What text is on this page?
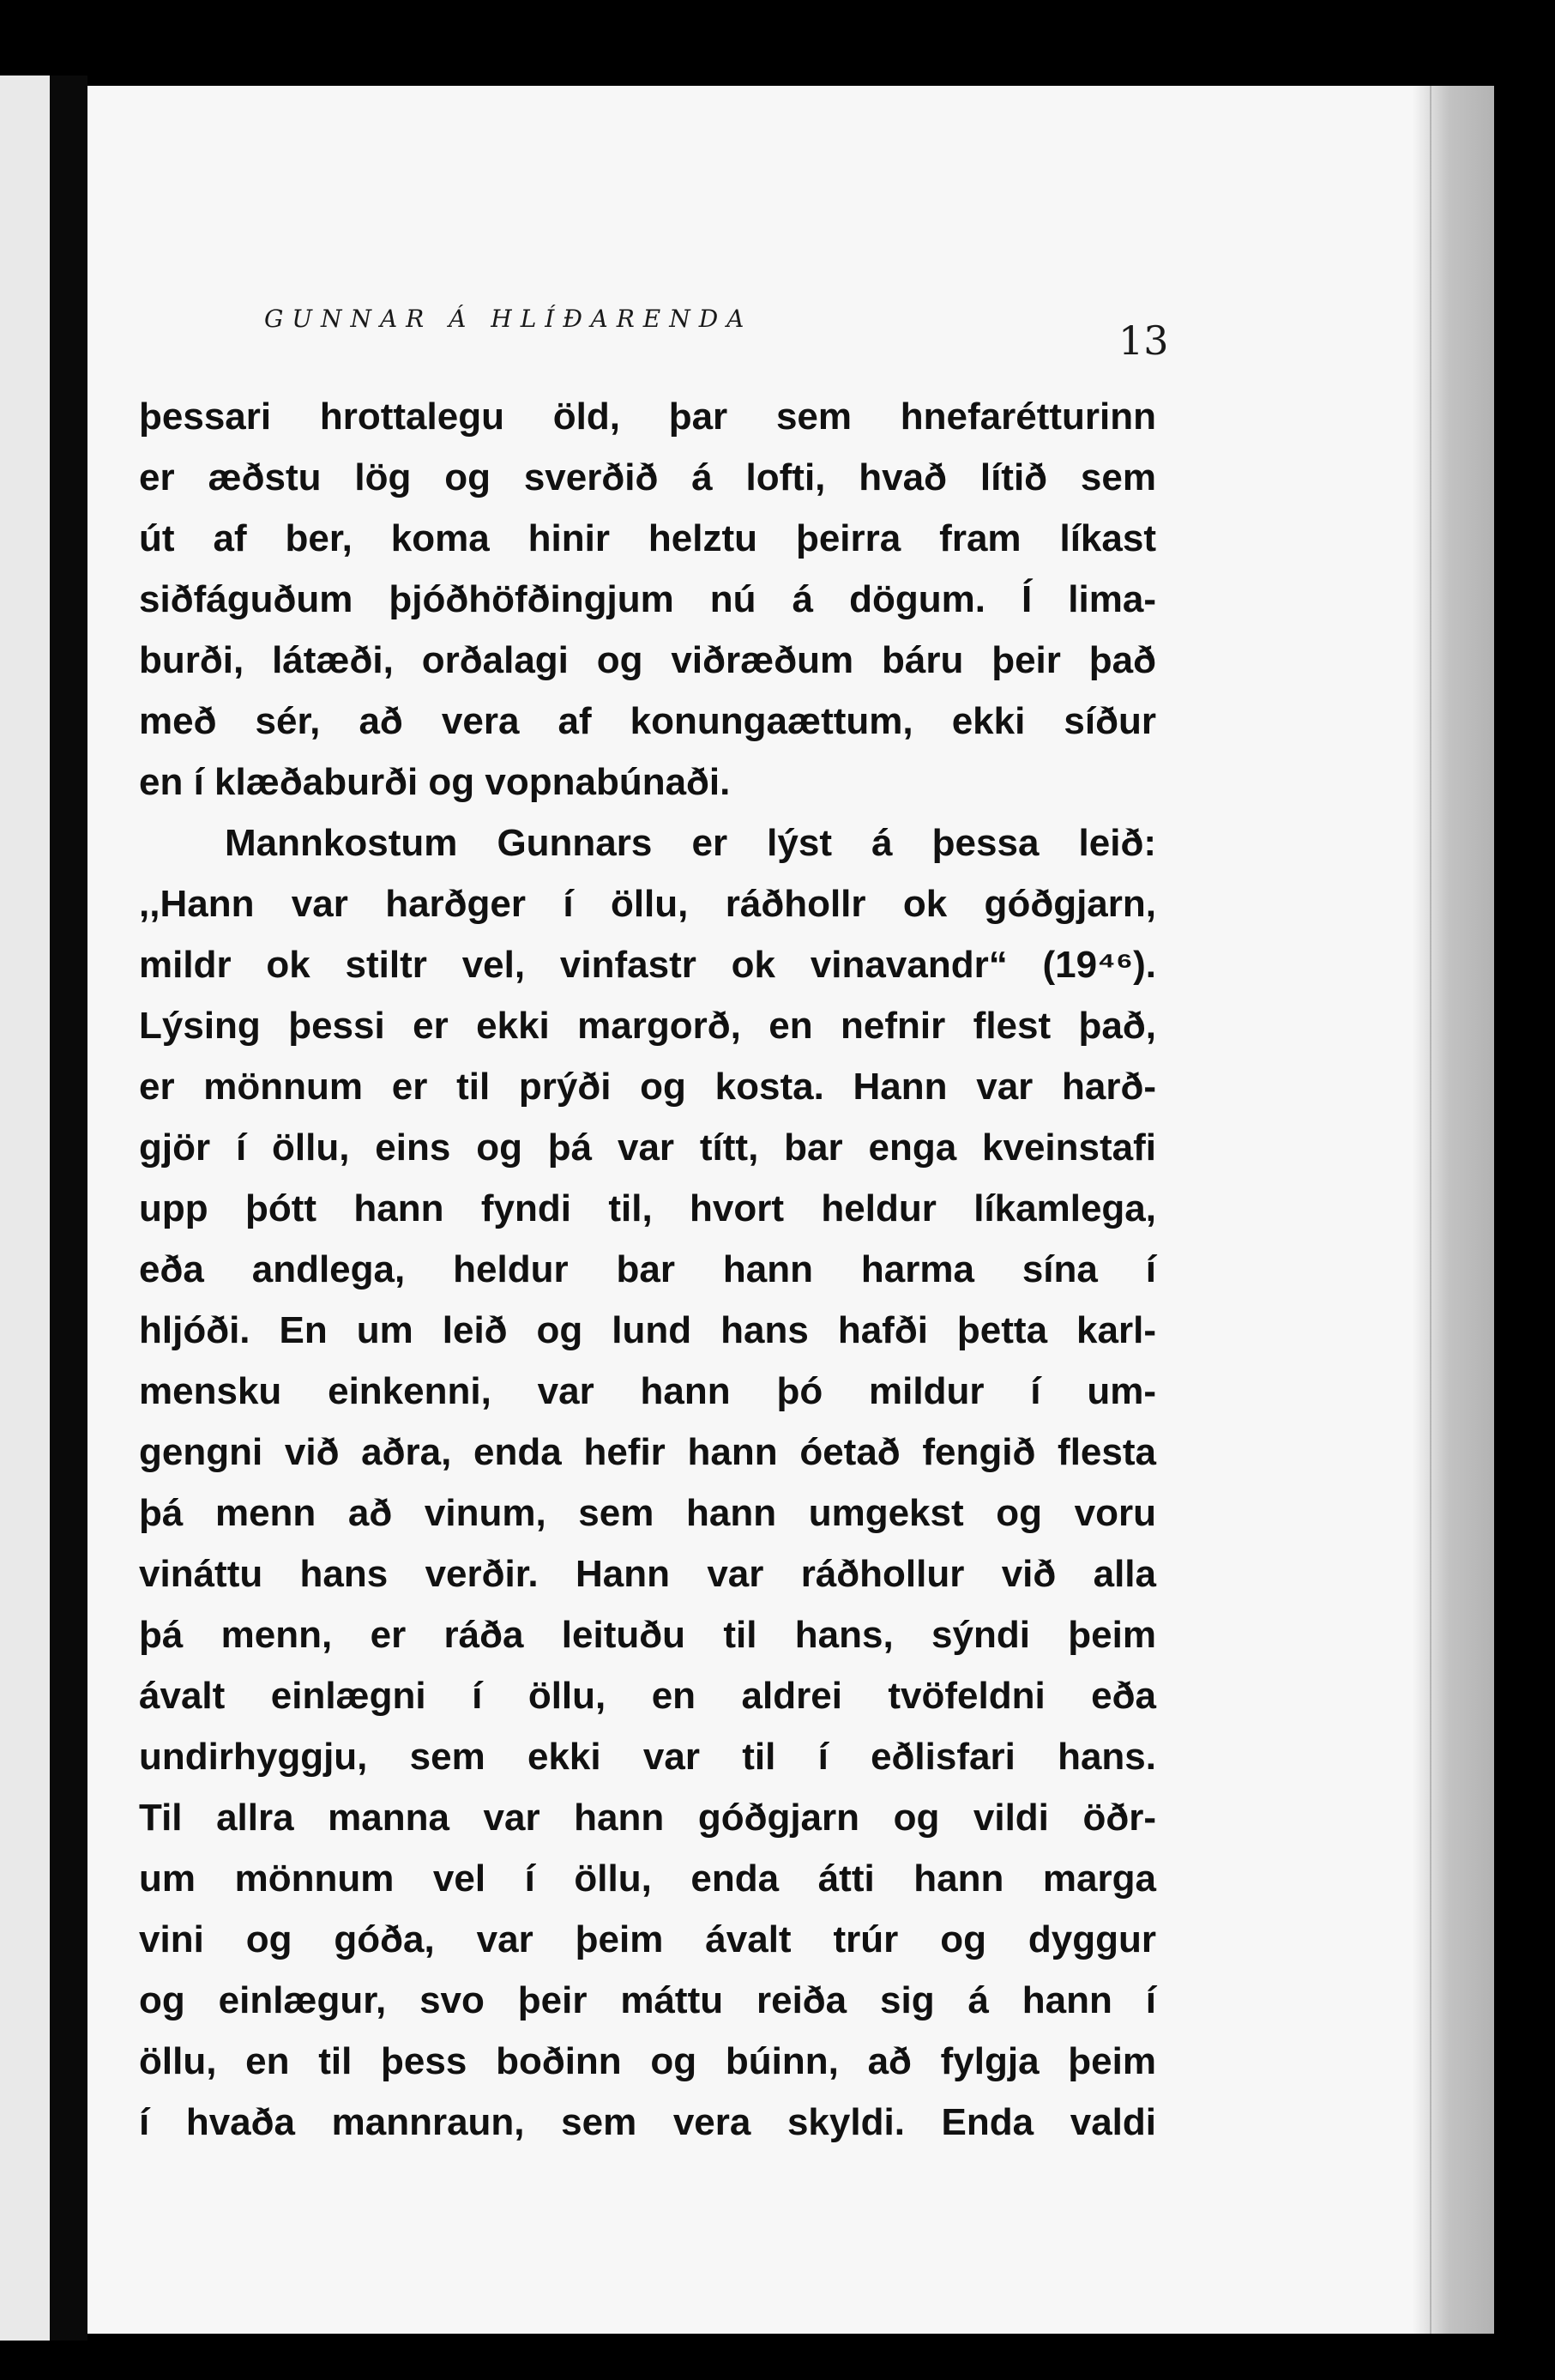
GUNNAR Á HLÍÐARENDA	13

þessari hrottalegu öld, þar sem hnefarétturinn
er æðstu lög og sverðið á lofti, hvað lítið sem
út af ber, koma hinir helztu þeirra fram líkast
siðfáguðum þjóðhöfðingjum nú á dögum. Í lima-
burði, látæði, orðalagi og viðræðum báru þeir það
með sér, að vera af konungaættum, ekki síður
en í klæðaburði og vopnabúnaði.
Mannkostum Gunnars er lýst á þessa leið:
,,Hann var harðger í öllu, ráðhollr ok góðgjarn,
mildr ok stiltr vel, vinfastr ok vinavandr“ (19⁴⁶).
Lýsing þessi er ekki margorð, en nefnir flest það,
er mönnum er til prýði og kosta. Hann var harð-
gjör í öllu, eins og þá var títt, bar enga kveinstafi
upp þótt hann fyndi til, hvort heldur líkamlega,
eða andlega, heldur bar hann harma sína í
hljóði. En um leið og lund hans hafði þetta karl-
mensku einkenni, var hann þó mildur í um-
gengni við aðra, enda hefir hann óetað fengið flesta
þá menn að vinum, sem hann umgekst og voru
vináttu hans verðir. Hann var ráðhollur við alla
þá menn, er ráða leituðu til hans, sýndi þeim
ávalt einlægni í öllu, en aldrei tvöfeldni eða
undirhyggju, sem ekki var til í eðlisfari hans.
Til allra manna var hann góðgjarn og vildi öðr-
um mönnum vel í öllu, enda átti hann marga
vini og góða, var þeim ávalt trúr og dyggur
og einlægur, svo þeir máttu reiða sig á hann í
öllu, en til þess boðinn og búinn, að fylgja þeim
í hvaða mannraun, sem vera skyldi. Enda valdi
